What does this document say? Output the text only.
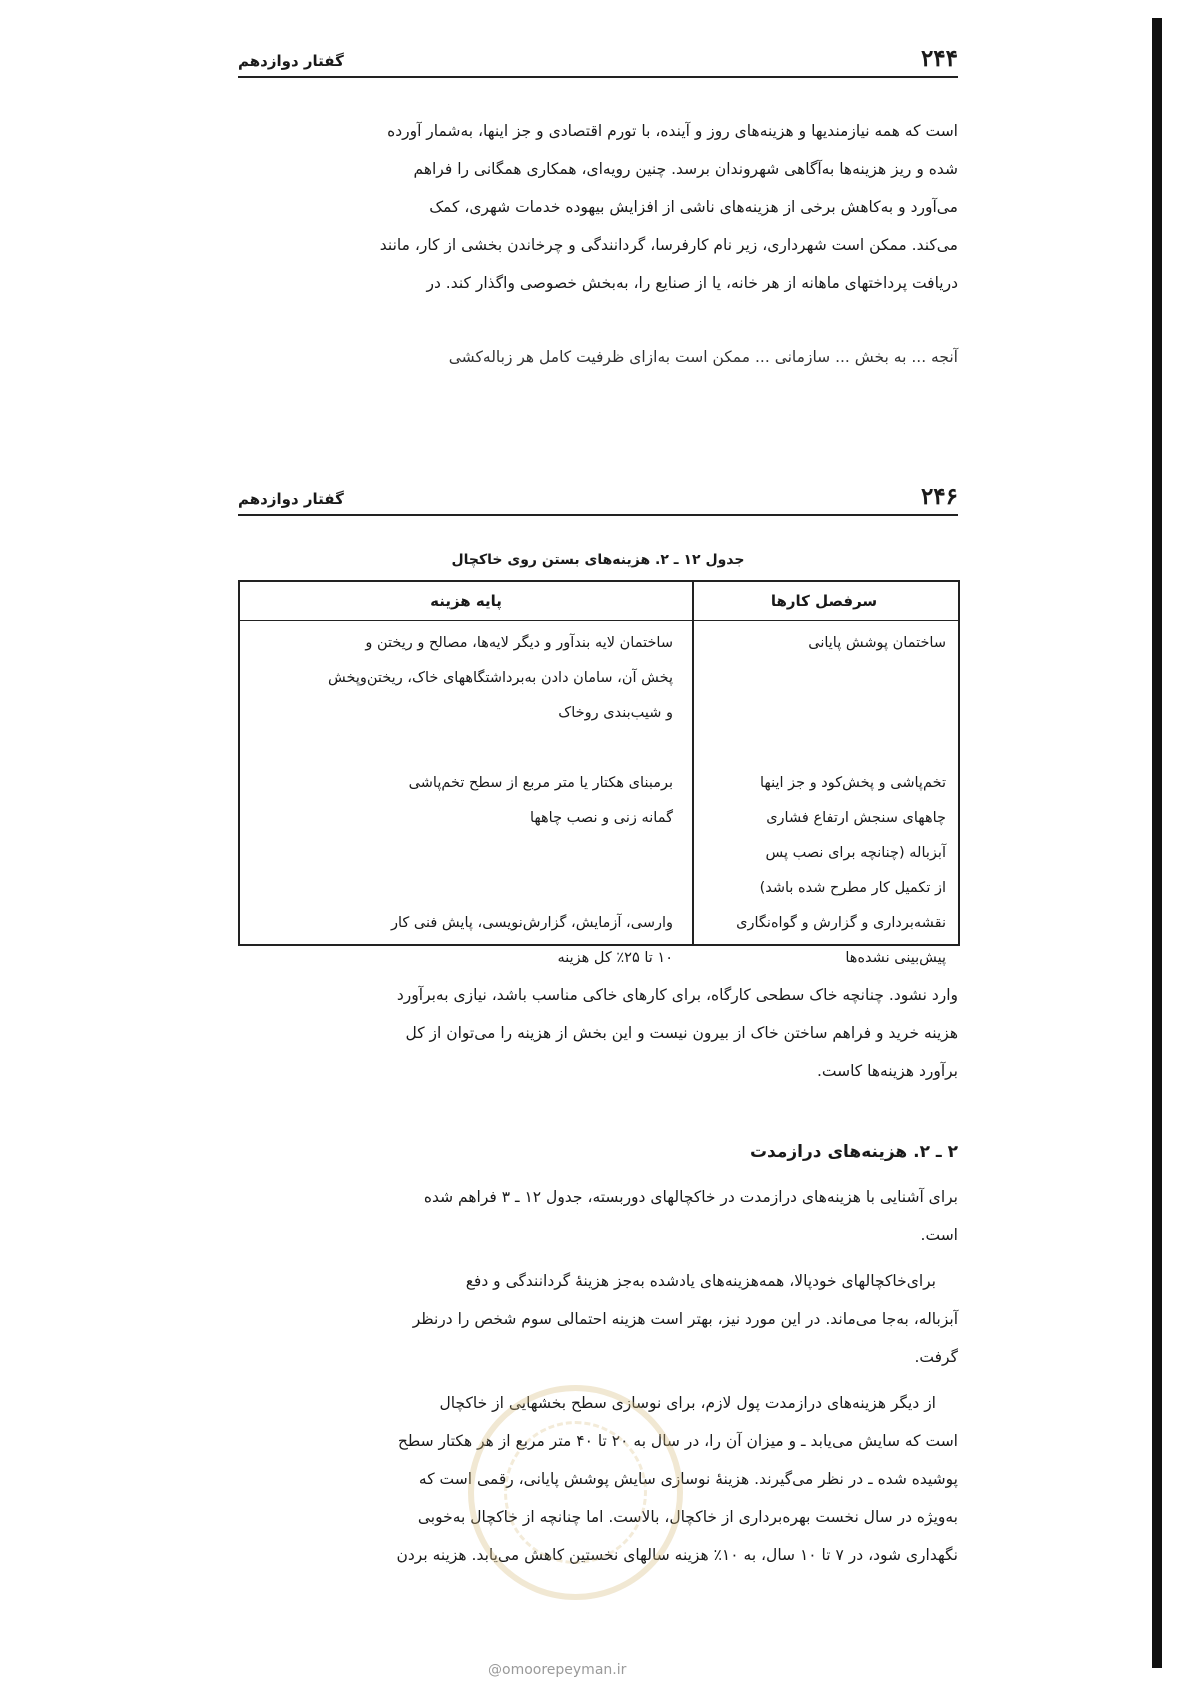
۲۴۴
گفتار دوازدهم

است که همه نیازمندیها و هزینه‌های روز و آینده، با تورم اقتصادی و جز اینها، به‌شمار آورده

شده و ریز هزینه‌ها به‌آگاهی شهروندان برسد. چنین رویه‌ای، همکاری همگانی را فراهم

می‌آورد و به‌کاهش برخی از هزینه‌های ناشی از افزایش بیهوده خدمات شهری، کمک

می‌کند. ممکن است شهرداری، زیر نام کارفرسا، گردانندگی و چرخاندن بخشی از کار، مانند

دریافت پرداختهای ماهانه از هر خانه، یا از صنایع را، به‌بخش خصوصی واگذار کند. در

آنجه ... به بخش ... سازمانی ... ممکن است به‌ازای ظرفیت کامل هر زباله‌کشی
۲۴۶
گفتار دوازدهم
جدول ۱۲ ـ ۲. هزینه‌های بستن روی خاکچال
سرفصل کارها
پایه هزینه
ساختمان پوشش پایانی

تخم‌پاشی و پخش‌کود و جز اینها
چاههای سنجش ارتفاع فشاری
آبزباله (چنانچه برای نصب پس
از تکمیل کار مطرح شده باشد)
نقشه‌برداری و گزارش و گواه‌نگاری
پیش‌بینی نشده‌ها
ساختمان لایه بندآور و دیگر لایه‌ها، مصالح و ریختن و
پخش آن، سامان دادن به‌برداشتگاههای خاک، ریختن‌وپخش
و شیب‌بندی روخاک

برمبنای هکتار یا متر مربع از سطح تخم‌پاشی
گمانه زنی و نصب چاهها

وارسی، آزمایش، گزارش‌نویسی، پایش فنی کار
۱۰ تا ۲۵٪ کل هزینه

وارد نشود. چنانچه خاک سطحی کارگاه، برای کارهای خاکی مناسب باشد، نیازی به‌برآورد

هزینه خرید و فراهم ساختن خاک از بیرون نیست و این بخش از هزینه را می‌توان از کل

برآورد هزینه‌ها کاست.

۲ ـ ۲. هزینه‌های درازمدت

برای آشنایی با هزینه‌های درازمدت در خاکچالهای دوربسته، جدول ۱۲ ـ ۳ فراهم شده

است.

برای‌خاکچالهای خودپالا، همه‌هزینه‌های یادشده به‌جز هزینهٔ گردانندگی و دفع

آبزباله، به‌جا می‌ماند. در این مورد نیز، بهتر است هزینه احتمالی سوم شخص را درنظر

گرفت.

از دیگر هزینه‌های درازمدت پول لازم، برای نوسازی سطح بخشهایی از خاکچال

است که سایش می‌یابد ـ و میزان آن را، در سال به ۲۰ تا ۴۰ متر مربع از هر هکتار سطح

پوشیده شده ـ در نظر می‌گیرند. هزینهٔ نوسازی سایش پوشش پایانی، رقمی است که

به‌ویژه در سال نخست بهره‌برداری از خاکچال، بالاست. اما چنانچه از خاکچال به‌خوبی

نگهداری شود، در ۷ تا ۱۰ سال، به ۱۰٪ هزینه سالهای نخستین کاهش می‌یابد. هزینه بردن

@omoorepeyman.ir
